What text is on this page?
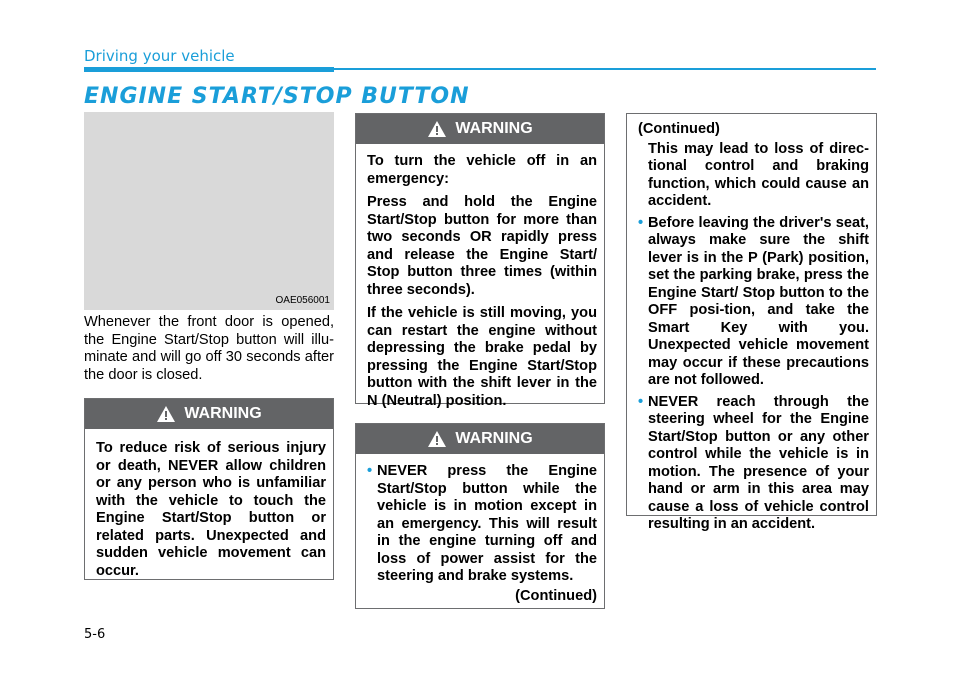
Driving your vehicle
ENGINE START/STOP BUTTON
OAE056001

Whenever the front door is opened, the Engine Start/Stop button will illu-minate and will go off 30 seconds after the door is closed.

WARNING

To reduce risk of serious injury or death, NEVER allow children or any person who is unfamiliar with the vehicle to touch the Engine Start/Stop button or related parts. Unexpected and sudden vehicle movement can occur.

WARNING

To turn the vehicle off in an emergency:

Press and hold the Engine Start/Stop button for more than two seconds OR rapidly press and release the Engine Start/ Stop button three times (within three seconds).

If the vehicle is still moving, you can restart the engine without depressing the brake pedal by pressing the Engine Start/Stop button with the shift lever in the N (Neutral) position.

WARNING
• NEVER press the Engine Start/Stop button while the vehicle is in motion except in an emergency. This will result in the engine turning off and loss of power assist for the steering and brake systems.

(Continued)

(Continued)

This may lead to loss of direc-tional control and braking function, which could cause an accident.

• Before leaving the driver's seat, always make sure the shift lever is in the P (Park) position, set the parking brake, press the Engine Start/ Stop button to the OFF posi-tion, and take the Smart Key with you. Unexpected vehicle movement may occur if these precautions are not followed.

• NEVER reach through the steering wheel for the Engine Start/Stop button or any other control while the vehicle is in motion. The presence of your hand or arm in this area may cause a loss of vehicle control resulting in an accident.

5-6
